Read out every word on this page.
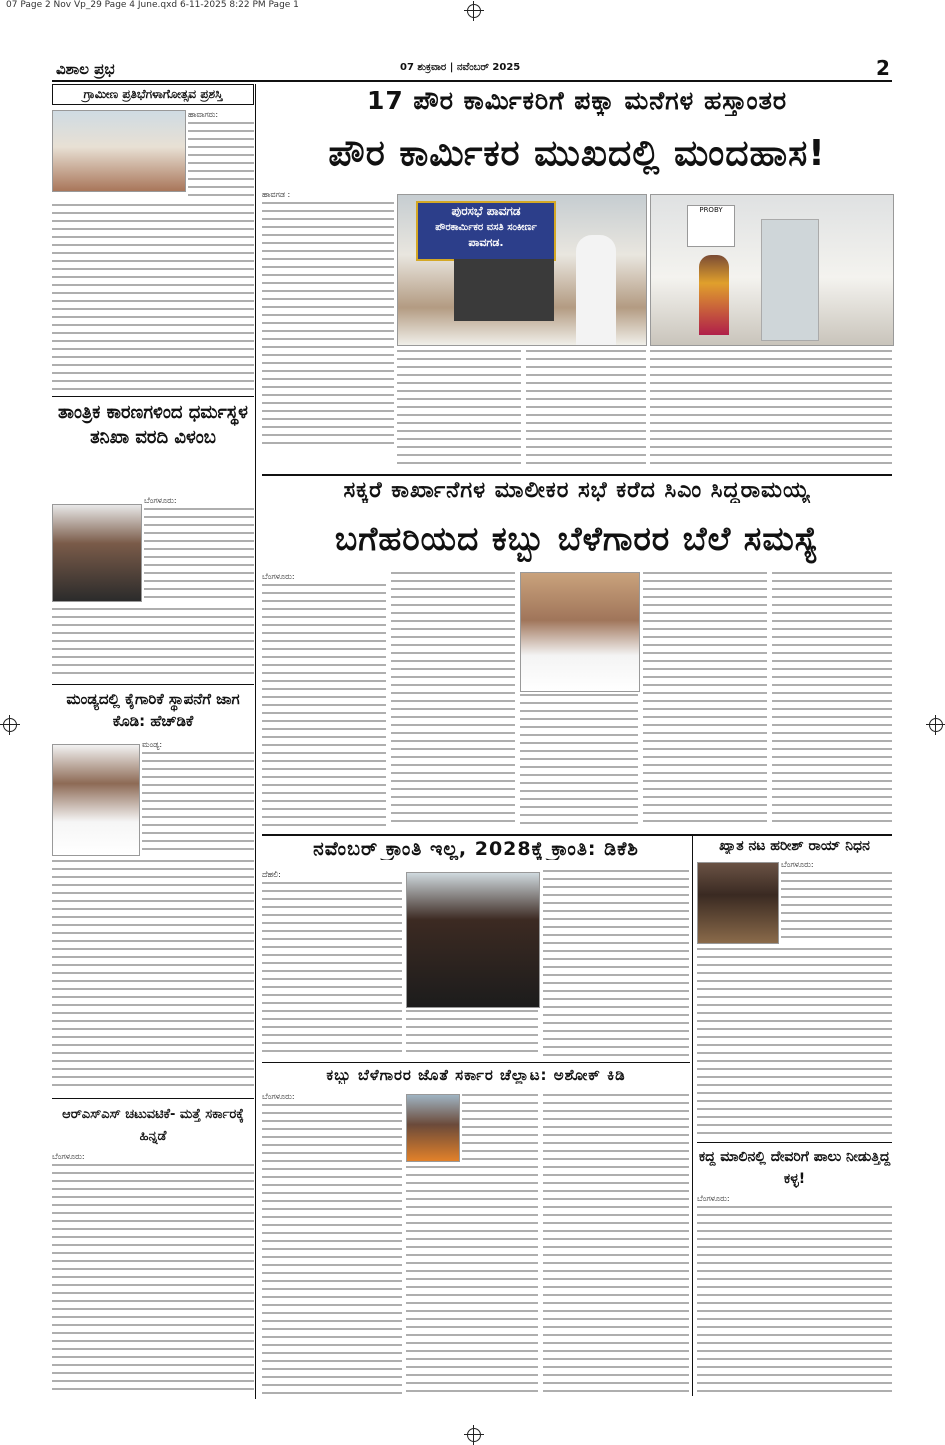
07 Page 2 Nov Vp_29 Page 4 June.qxd 6-11-2025 8:22 PM Page 1
ವಿಶಾಲ ಪ್ರಭ	07 ಶುಕ್ರವಾರ | ನವೆಂಬರ್ 2025	2
ಗ್ರಾಮೀಣ ಪ್ರತಿಭೆಗಳಾಗೋತ್ಸವ ಪ್ರಶಸ್ತಿ
ಹಾವಾಗರು:
ತಾಂತ್ರಿಕ ಕಾರಣಗಳಿಂದ ಧರ್ಮಸ್ಥಳ ತನಿಖಾ ವರದಿ ವಿಳಂಬ
ಬೆಂಗಳೂರು:
ಮಂಡ್ಯದಲ್ಲಿ ಕೈಗಾರಿಕೆ ಸ್ಥಾಪನೆಗೆ ಜಾಗ ಕೊಡಿ: ಹೆಚ್‌ಡಿಕೆ
ಮಂಡ್ಯ:
ಆರ್‌ಎಸ್‌ಎಸ್ ಚಟುವಟಿಕೆ- ಮತ್ತೆ ಸರ್ಕಾರಕ್ಕೆ ಹಿನ್ನಡೆ
ಬೆಂಗಳೂರು:
17 ಪೌರ ಕಾರ್ಮಿಕರಿಗೆ ಪಕ್ಕಾ ಮನೆಗಳ ಹಸ್ತಾಂತರ
ಪೌರ ಕಾರ್ಮಿಕರ ಮುಖದಲ್ಲಿ ಮಂದಹಾಸ!
ಹಾವಗಡ :
ಪುರಸಭೆ ಪಾವಗಡ
ಪೌರಕಾರ್ಮಿಕರ ವಸತಿ ಸಂಕೀರ್ಣ
ಪಾವಗಡ.
PROBY
ಸಕ್ಕರೆ ಕಾರ್ಖಾನೆಗಳ ಮಾಲೀಕರ ಸಭೆ ಕರೆದ ಸಿಎಂ ಸಿದ್ದರಾಮಯ್ಯ
ಬಗೆಹರಿಯದ ಕಬ್ಬು ಬೆಳೆಗಾರರ ಬೆಲೆ ಸಮಸ್ಯೆ
ಬೆಂಗಳೂರು:
ನವೆಂಬರ್ ಕ್ರಾಂತಿ ಇಲ್ಲ, 2028ಕ್ಕೆ ಕ್ರಾಂತಿ: ಡಿಕೆಶಿ
ದೆಹಲಿ:
ಕಬ್ಬು ಬೆಳೆಗಾರರ ಜೊತೆ ಸರ್ಕಾರ ಚೆಲ್ಲಾಟ: ಅಶೋಕ್ ಕಿಡಿ
ಬೆಂಗಳೂರು:
ಖ್ಯಾತ ನಟ ಹರೀಶ್ ರಾಯ್ ನಿಧನ
ಬೆಂಗಳೂರು:
ಕದ್ದ ಮಾಲಿನಲ್ಲಿ ದೇವರಿಗೆ ಪಾಲು ನೀಡುತ್ತಿದ್ದ ಕಳ್ಳ!
ಬೆಂಗಳೂರು:
